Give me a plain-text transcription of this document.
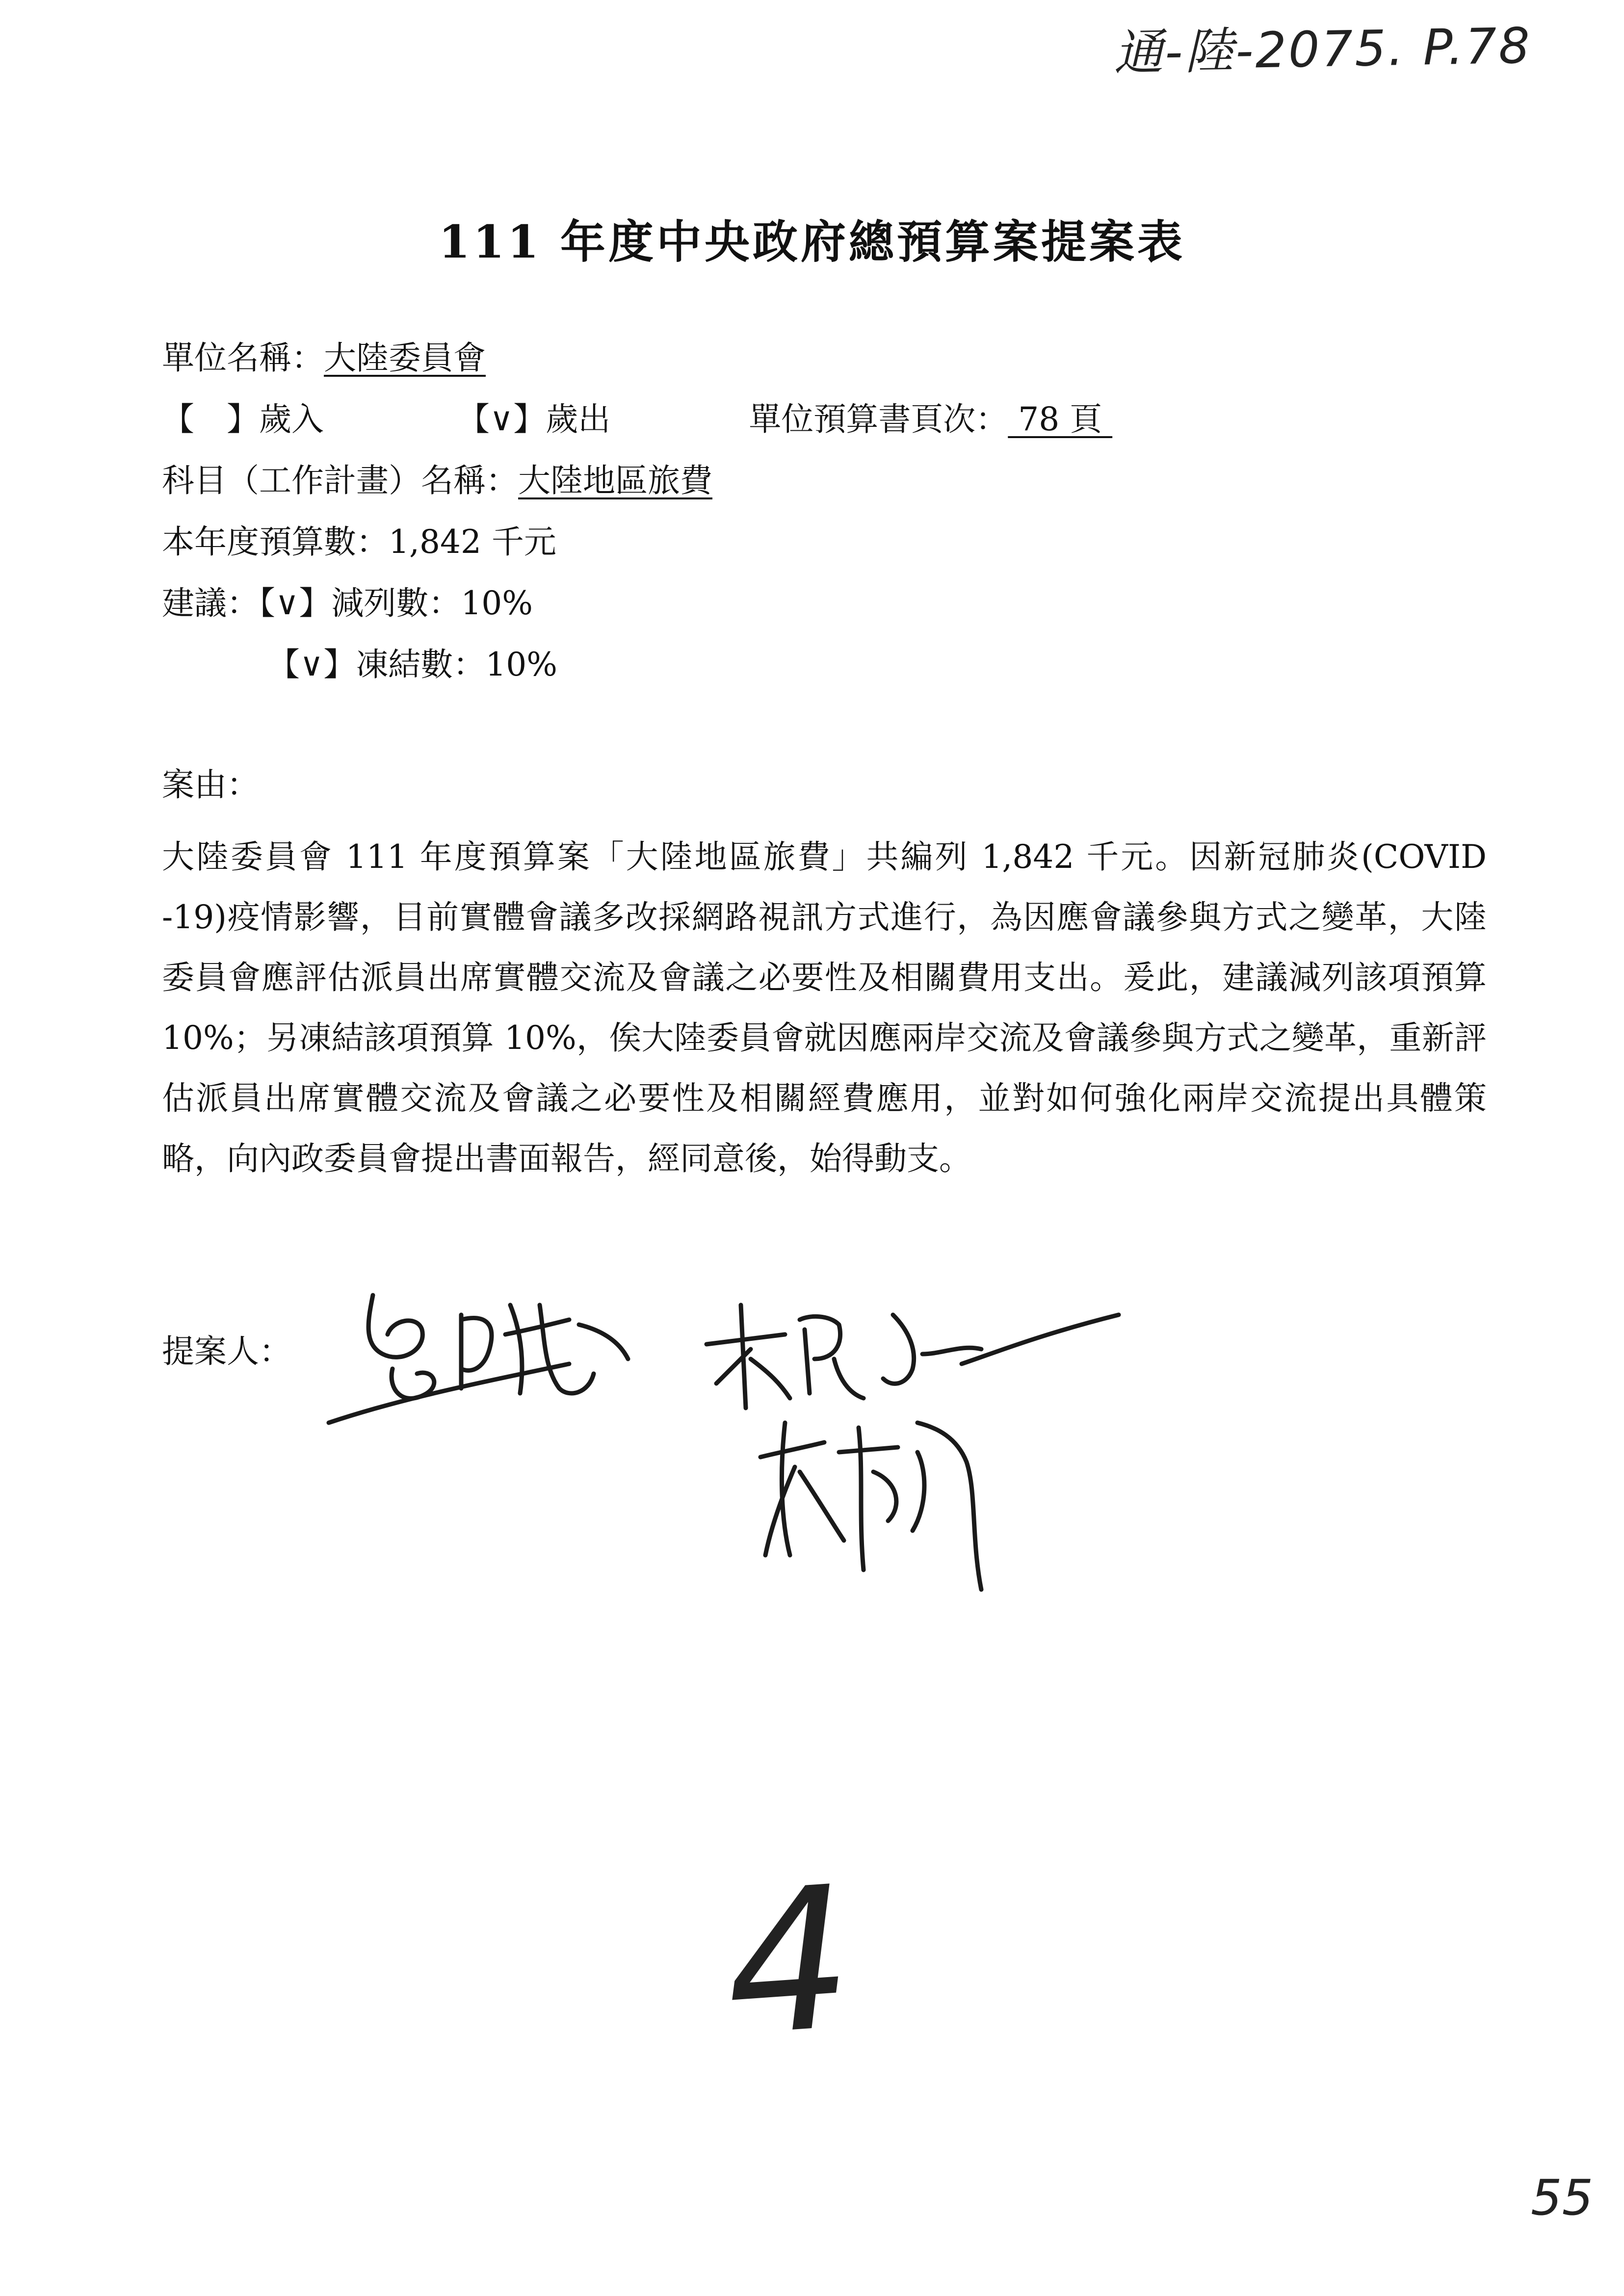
通-陸-2075. P.78
111 年度中央政府總預算案提案表
單位名稱：大陸委員會
【　】歲入	【∨】歲出	單位預算書頁次： 78 頁
科目（工作計畫）名稱：大陸地區旅費
本年度預算數：1,842 千元
建議：【∨】減列數：10%
【∨】凍結數：10%
案由：
大陸委員會 111 年度預算案「大陸地區旅費」共編列 1,842 千元。因新冠肺炎(COVID -19)疫情影響，目前實體會議多改採網路視訊方式進行，為因應會議參與方式之變革，大陸委員會應評估派員出席實體交流及會議之必要性及相關費用支出。爰此，建議減列該項預算 10%；另凍結該項預算 10%，俟大陸委員會就因應兩岸交流及會議參與方式之變革，重新評估派員出席實體交流及會議之必要性及相關經費應用，並對如何強化兩岸交流提出具體策略，向內政委員會提出書面報告，經同意後，始得動支。
提案人：
4
55
